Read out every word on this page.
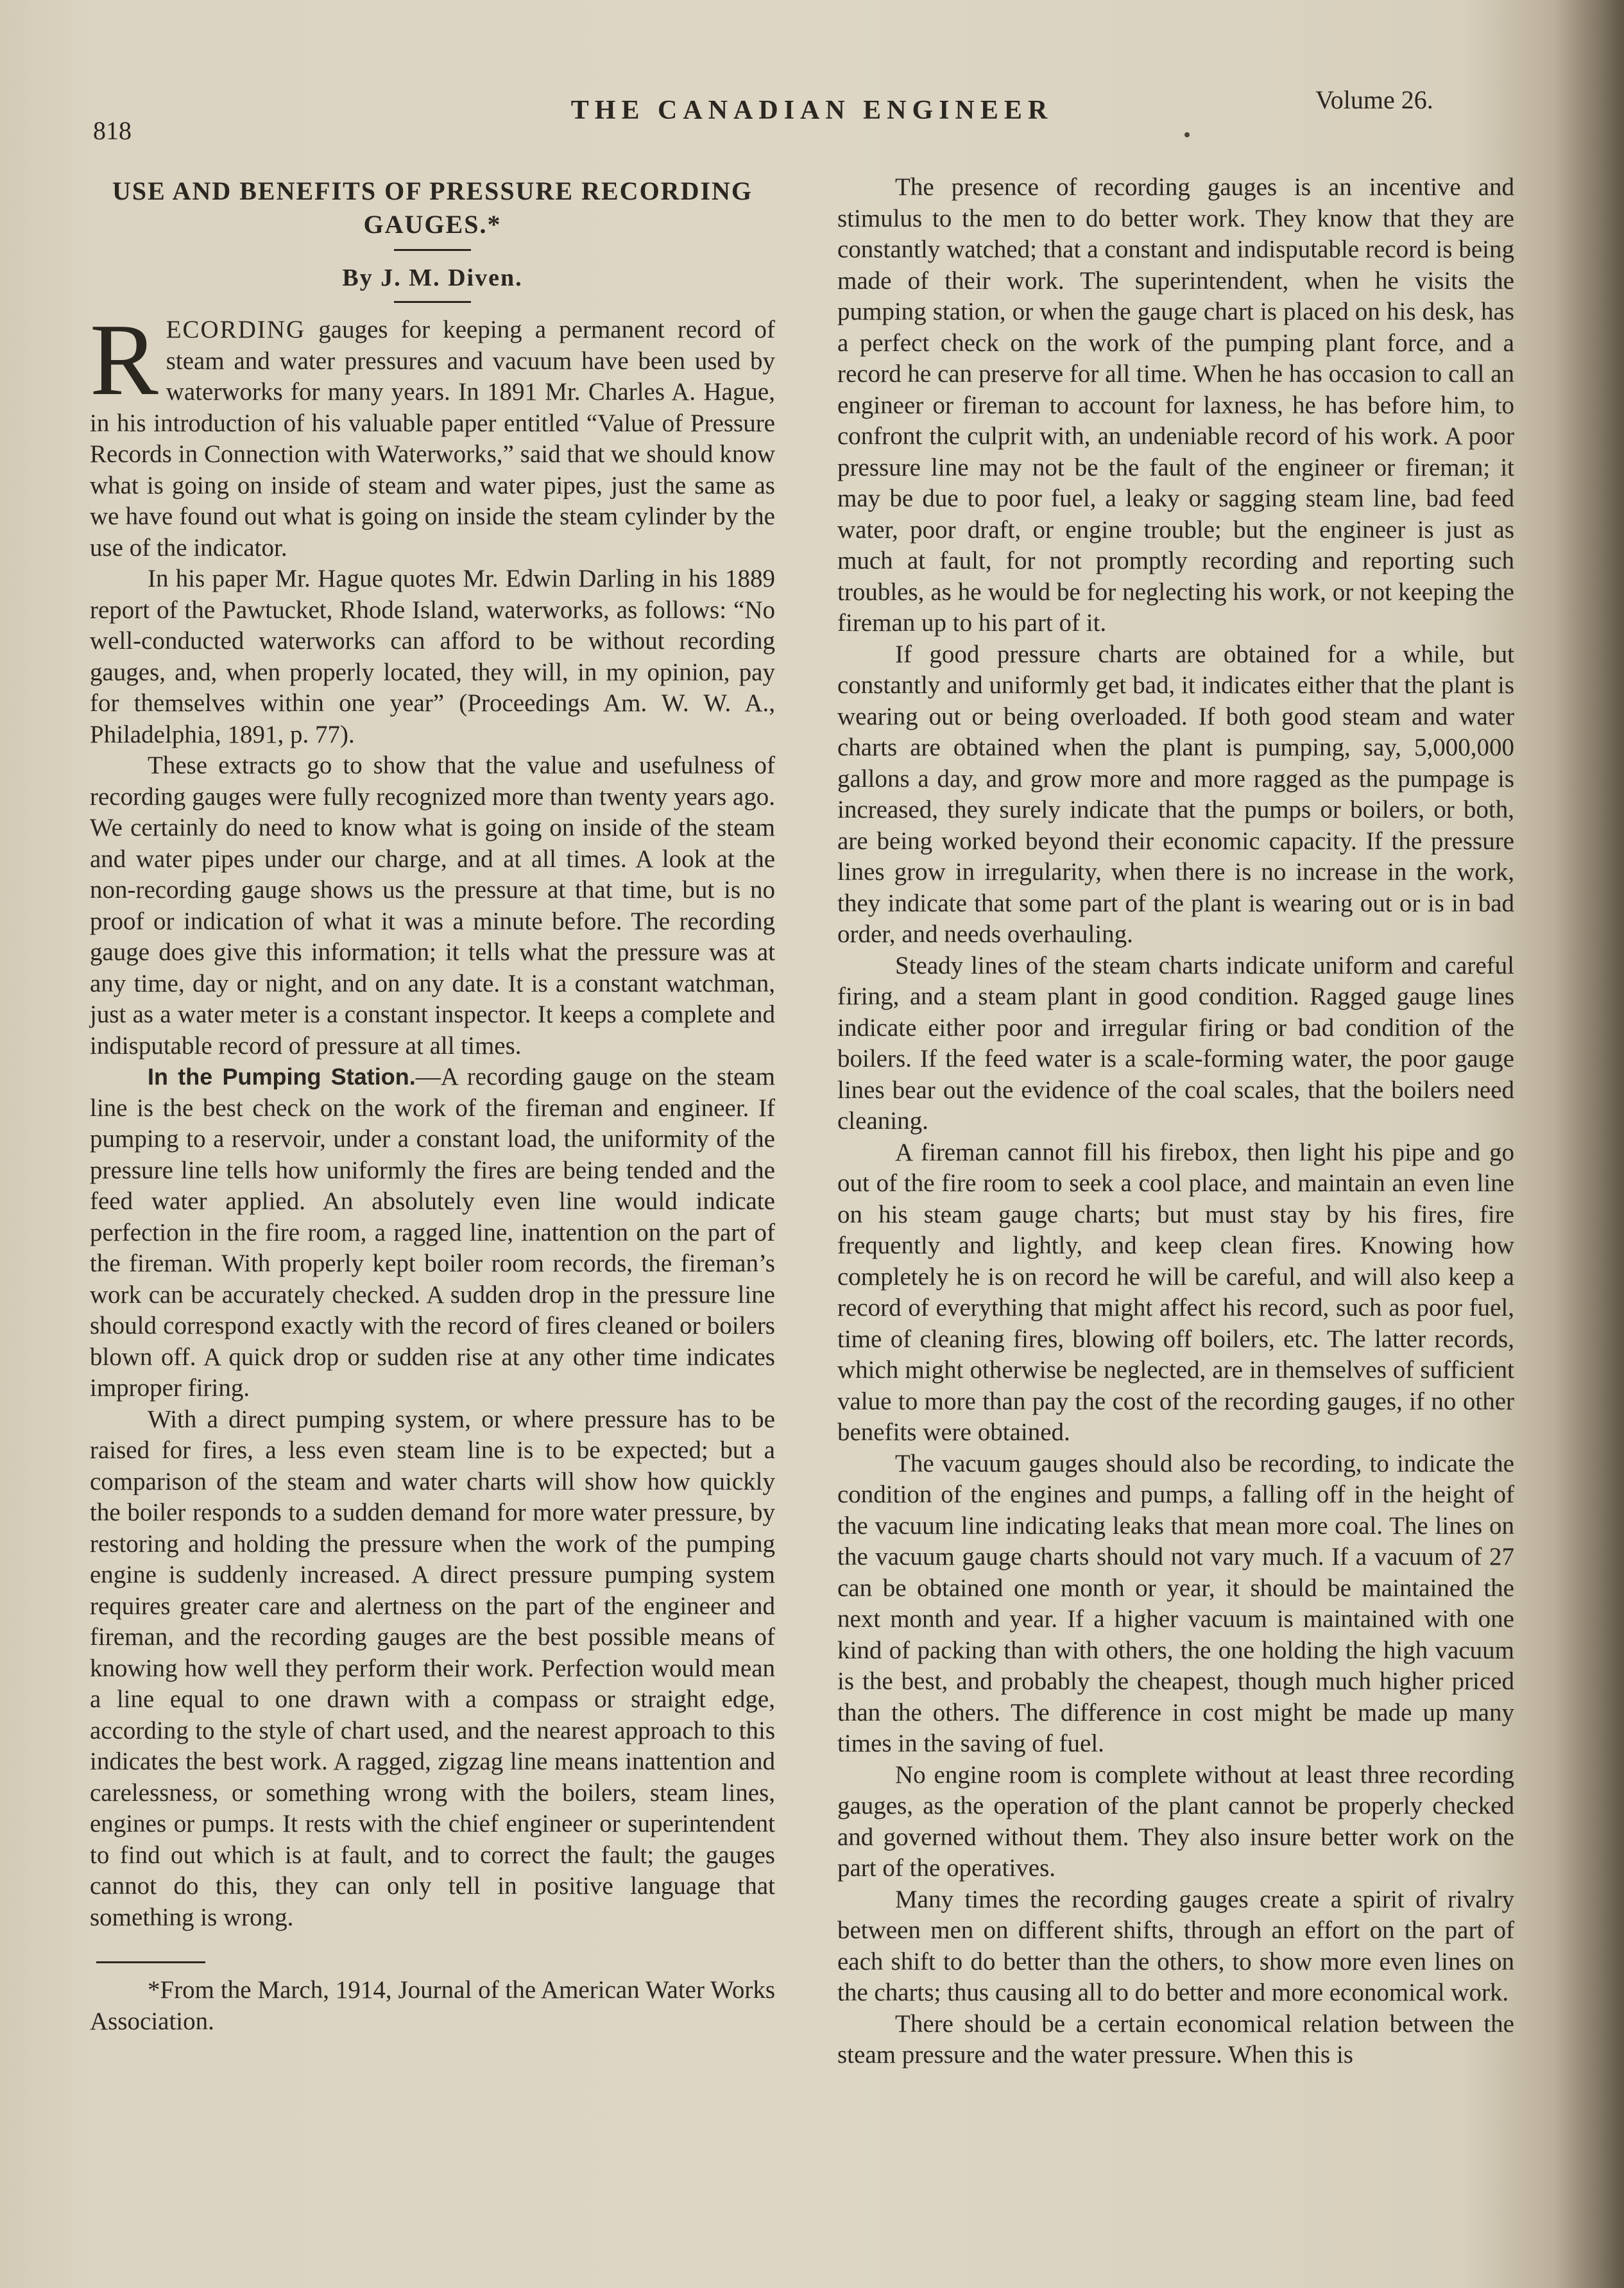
818
THE CANADIAN ENGINEER	Volume 26.

USE AND BENEFITS OF PRESSURE RECORDING GAUGES.*

By J. M. Diven.

RECORDING gauges for keeping a permanent record of steam and water pressures and vacuum have been used by waterworks for many years. In 1891 Mr. Charles A. Hague, in his introduction of his valuable paper entitled “Value of Pressure Records in Connection with Waterworks,” said that we should know what is going on inside of steam and water pipes, just the same as we have found out what is going on inside the steam cylinder by the use of the indicator.

In his paper Mr. Hague quotes Mr. Edwin Darling in his 1889 report of the Pawtucket, Rhode Island, waterworks, as follows: “No well-conducted waterworks can afford to be without recording gauges, and, when properly located, they will, in my opinion, pay for themselves within one year” (Proceedings Am. W. W. A., Philadelphia, 1891, p. 77).

These extracts go to show that the value and usefulness of recording gauges were fully recognized more than twenty years ago. We certainly do need to know what is going on inside of the steam and water pipes under our charge, and at all times. A look at the non-recording gauge shows us the pressure at that time, but is no proof or indication of what it was a minute before. The recording gauge does give this information; it tells what the pressure was at any time, day or night, and on any date. It is a constant watchman, just as a water meter is a constant inspector. It keeps a complete and indisputable record of pressure at all times.

In the Pumping Station.—A recording gauge on the steam line is the best check on the work of the fireman and engineer. If pumping to a reservoir, under a constant load, the uniformity of the pressure line tells how uniformly the fires are being tended and the feed water applied. An absolutely even line would indicate perfection in the fire room, a ragged line, inattention on the part of the fireman. With properly kept boiler room records, the fireman’s work can be accurately checked. A sudden drop in the pressure line should correspond exactly with the record of fires cleaned or boilers blown off. A quick drop or sudden rise at any other time indicates improper firing.

With a direct pumping system, or where pressure has to be raised for fires, a less even steam line is to be expected; but a comparison of the steam and water charts will show how quickly the boiler responds to a sudden demand for more water pressure, by restoring and holding the pressure when the work of the pumping engine is suddenly increased. A direct pressure pumping system requires greater care and alertness on the part of the engineer and fireman, and the recording gauges are the best possible means of knowing how well they perform their work. Perfection would mean a line equal to one drawn with a compass or straight edge, according to the style of chart used, and the nearest approach to this indicates the best work. A ragged, zigzag line means inattention and carelessness, or something wrong with the boilers, steam lines, engines or pumps. It rests with the chief engineer or superintendent to find out which is at fault, and to correct the fault; the gauges cannot do this, they can only tell in positive language that something is wrong.

*From the March, 1914, Journal of the American Water Works Association.

The presence of recording gauges is an incentive and stimulus to the men to do better work. They know that they are constantly watched; that a constant and indisputable record is being made of their work. The superintendent, when he visits the pumping station, or when the gauge chart is placed on his desk, has a perfect check on the work of the pumping plant force, and a record he can preserve for all time. When he has occasion to call an engineer or fireman to account for laxness, he has before him, to confront the culprit with, an undeniable record of his work. A poor pressure line may not be the fault of the engineer or fireman; it may be due to poor fuel, a leaky or sagging steam line, bad feed water, poor draft, or engine trouble; but the engineer is just as much at fault, for not promptly recording and reporting such troubles, as he would be for neglecting his work, or not keeping the fireman up to his part of it.

If good pressure charts are obtained for a while, but constantly and uniformly get bad, it indicates either that the plant is wearing out or being overloaded. If both good steam and water charts are obtained when the plant is pumping, say, 5,000,000 gallons a day, and grow more and more ragged as the pumpage is increased, they surely indicate that the pumps or boilers, or both, are being worked beyond their economic capacity. If the pressure lines grow in irregularity, when there is no increase in the work, they indicate that some part of the plant is wearing out or is in bad order, and needs overhauling.

Steady lines of the steam charts indicate uniform and careful firing, and a steam plant in good condition. Ragged gauge lines indicate either poor and irregular firing or bad condition of the boilers. If the feed water is a scale-forming water, the poor gauge lines bear out the evidence of the coal scales, that the boilers need cleaning.

A fireman cannot fill his firebox, then light his pipe and go out of the fire room to seek a cool place, and maintain an even line on his steam gauge charts; but must stay by his fires, fire frequently and lightly, and keep clean fires. Knowing how completely he is on record he will be careful, and will also keep a record of everything that might affect his record, such as poor fuel, time of cleaning fires, blowing off boilers, etc. The latter records, which might otherwise be neglected, are in themselves of sufficient value to more than pay the cost of the recording gauges, if no other benefits were obtained.

The vacuum gauges should also be recording, to indicate the condition of the engines and pumps, a falling off in the height of the vacuum line indicating leaks that mean more coal. The lines on the vacuum gauge charts should not vary much. If a vacuum of 27 can be obtained one month or year, it should be maintained the next month and year. If a higher vacuum is maintained with one kind of packing than with others, the one holding the high vacuum is the best, and probably the cheapest, though much higher priced than the others. The difference in cost might be made up many times in the saving of fuel.

No engine room is complete without at least three recording gauges, as the operation of the plant cannot be properly checked and governed without them. They also insure better work on the part of the operatives.

Many times the recording gauges create a spirit of rivalry between men on different shifts, through an effort on the part of each shift to do better than the others, to show more even lines on the charts; thus causing all to do better and more economical work.

There should be a certain economical relation between the steam pressure and the water pressure. When this is
